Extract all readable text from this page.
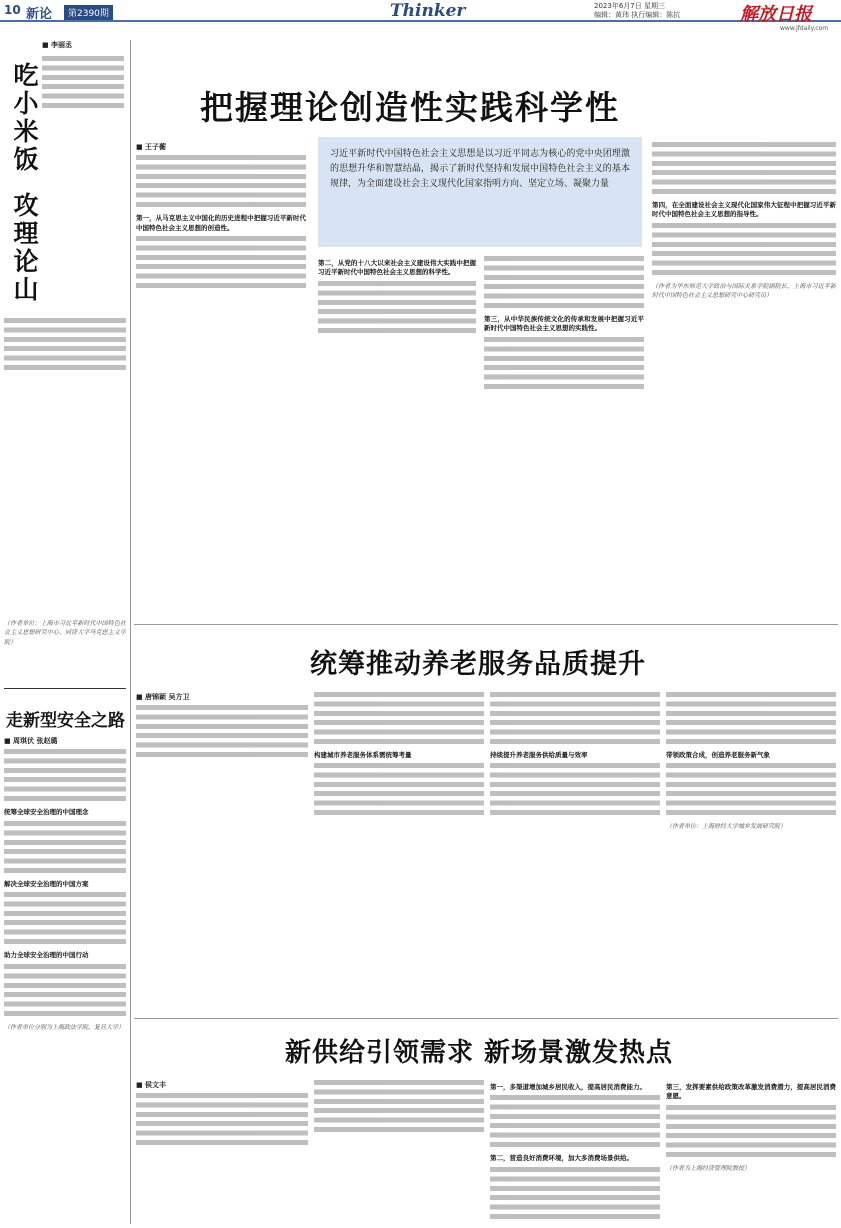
10 新论	第2390期	Thinker	2023年6月7日 星期三
编辑：黄玮 执行编辑：陈抗	解放日报
www.jfdaily.com
■ 李丽丞
吃小米饭
攻理论山

（作者单位：上海市习近平新时代中国特色社会主义思想研究中心、同济大学马克思主义学院）
走新型安全之路
■ 周琪伏 张赵璐

统筹全球安全治理的中国理念

解决全球安全治理的中国方案

助力全球安全治理的中国行动

（作者单位分别为上海政法学院、复旦大学）
把握理论创造性实践科学性
习近平新时代中国特色社会主义思想是以习近平同志为核心的党中央团理激的思想升华和智慧结晶，揭示了新时代坚持和发展中国特色社会主义的基本规律，为全面建设社会主义现代化国家指明方向、坚定立场、凝聚力量
■ 王子蘅

第一，从马克思主义中国化的历史进程中把握习近平新时代中国特色社会主义思想的创造性。

第二，从党的十八大以来社会主义建设伟大实践中把握习近平新时代中国特色社会主义思想的科学性。

第三，从中华民族传统文化的传承和发展中把握习近平新时代中国特色社会主义思想的实践性。

第四，在全面建设社会主义现代化国家伟大征程中把握习近平新时代中国特色社会主义思想的指导性。

（作者为华东师范大学政治与国际关系学院副院长、上海市习近平新时代中国特色社会主义思想研究中心研究员）
统筹推动养老服务品质提升
■ 唐锦颖 吴方卫

构建城市养老服务体系需统筹考量

 	持续提升养老服务供给质量与效率

 	带领政策合成，创造养老服务新气象

（作者单位：上海财经大学城乡发展研究院）
新供给引领需求 新场景激发热点
■ 侯文丰

 	第一，多渠道增加城乡居民收入，提高居民消费能力。

第二，营造良好消费环境，加大多消费场景供给。

第三，发挥要素供给政策改革激发消费潜力，提高居民消费意愿。

（作者为上海经济管理院教授）
